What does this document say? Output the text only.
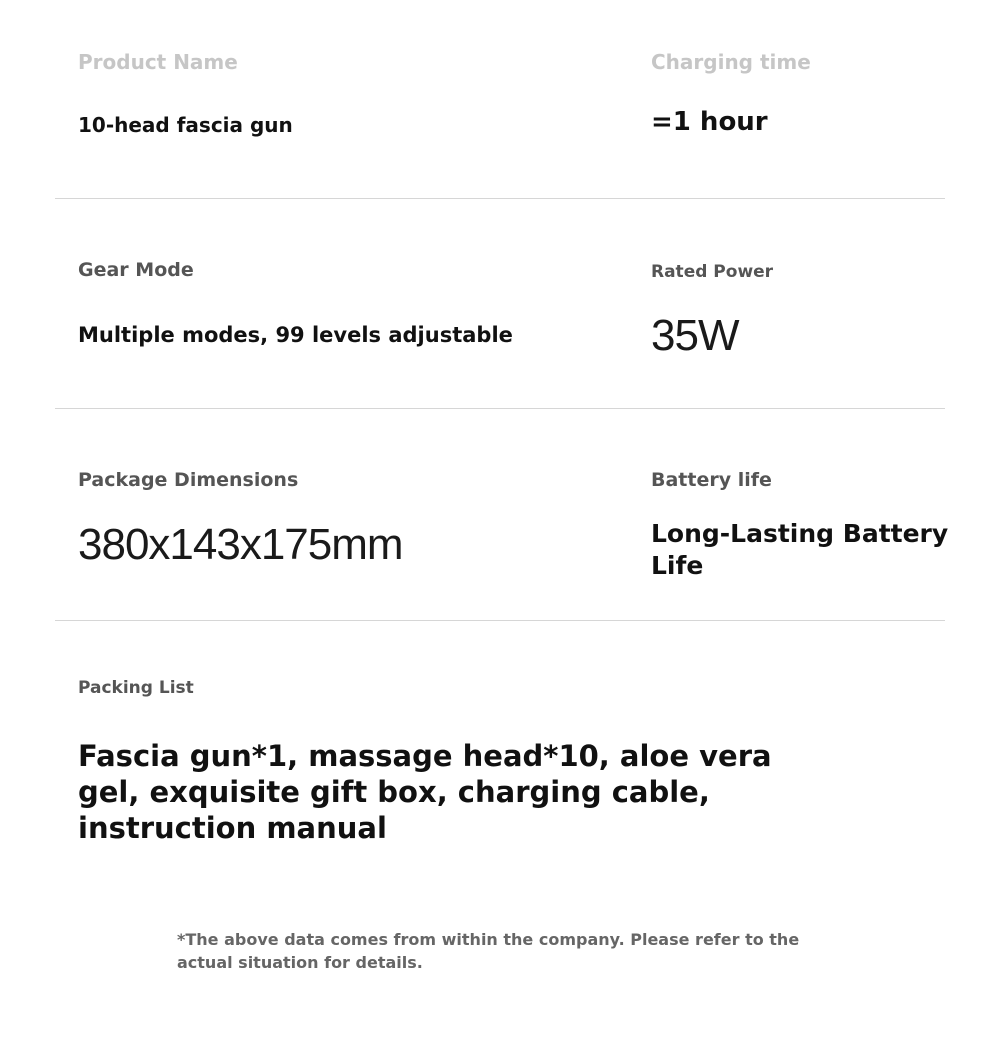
Product Name
10-head fascia gun
Charging time
=1 hour
Gear Mode
Multiple modes, 99 levels adjustable
Rated Power
35W
Package Dimensions
380x143x175mm
Battery life
Long-Lasting Battery Life
Packing List
Fascia gun*1, massage head*10, aloe vera gel, exquisite gift box, charging cable, instruction manual
*The above data comes from within the company. Please refer to the actual situation for details.
